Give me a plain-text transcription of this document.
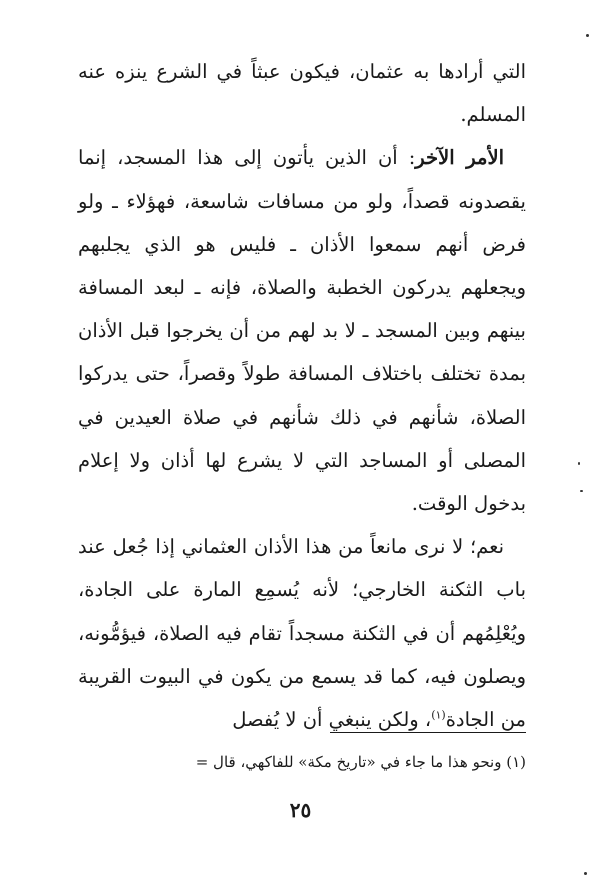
التي أرادها به عثمان، فيكون عبثاً في الشرع ينزه عنه المسلم.

الأمر الآخر: أن الذين يأتون إلى هذا المسجد، إنما يقصدونه قصداً، ولو من مسافات شاسعة، فهؤلاء ـ ولو فرض أنهم سمعوا الأذان ـ فليس هو الذي يجلبهم ويجعلهم يدركون الخطبة والصلاة، فإنه ـ لبعد المسافة بينهم وبين المسجد ـ لا بد لهم من أن يخرجوا قبل الأذان بمدة تختلف باختلاف المسافة طولاً وقصراً، حتى يدركوا الصلاة، شأنهم في ذلك شأنهم في صلاة العيدين في المصلى أو المساجد التي لا يشرع لها أذان ولا إعلام بدخول الوقت.

نعم؛ لا نرى مانعاً من هذا الأذان العثماني إذا جُعل عند باب الثكنة الخارجي؛ لأنه يُسمِع المارة على الجادة، ويُعْلِمُهم أن في الثكنة مسجداً تقام فيه الصلاة، فيؤمُّونه، ويصلون فيه، كما قد يسمع من يكون في البيوت القريبة من الجادة$^{(١)}$، ولكن ينبغي أن لا يُفصل

(١) ونحو هذا ما جاء في «تاريخ مكة» للفاكهي، قال =
٢٥
